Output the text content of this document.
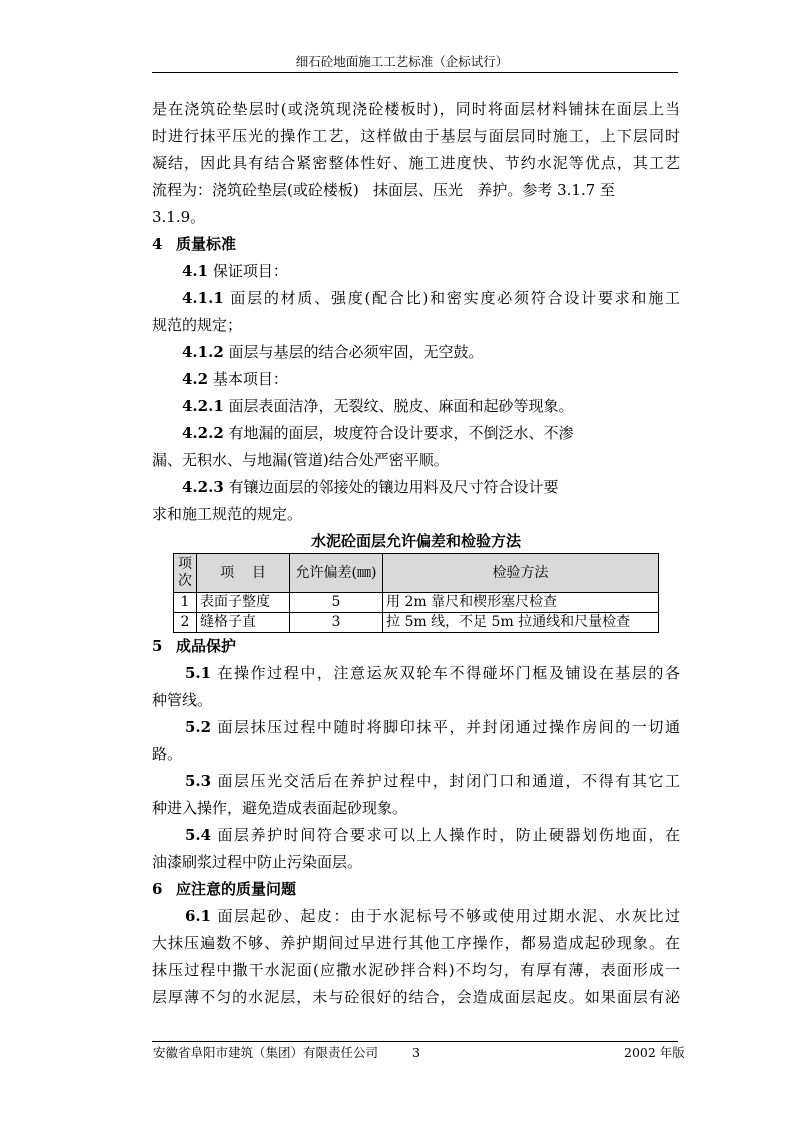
细石砼地面施工工艺标准（企标试行）

是在浇筑砼垫层时(或浇筑现浇砼楼板时)，同时将面层材料铺抹在面层上当

时进行抹平压光的操作工艺，这样做由于基层与面层同时施工，上下层同时

凝结，因此具有结合紧密整体性好、施工进度快、节约水泥等优点，其工艺

流程为：浇筑砼垫层(或砼楼板)   抹面层、压光   养护。参考 3.1.7 至

3.1.9。

4 质量标准

4.1 保证项目：

4.1.1 面层的材质、强度(配合比)和密实度必须符合设计要求和施工

规范的规定；

4.1.2 面层与基层的结合必须牢固，无空鼓。

4.2 基本项目：

4.2.1 面层表面洁净，无裂纹、脱皮、麻面和起砂等现象。

4.2.2 有地漏的面层，坡度符合设计要求，不倒泛水、不渗

漏、无积水、与地漏(管道)结合处严密平顺。

4.2.3 有镶边面层的邻接处的镶边用料及尺寸符合设计要

求和施工规范的规定。

水泥砼面层允许偏差和检验方法

项次	项    目	允许偏差(㎜)	检验方法
1	表面子整度	5	用 2m 靠尺和楔形塞尺检查
2	缝格子直	3	拉 5m 线，不足 5m 拉通线和尺量检查

5 成品保护

5.1 在操作过程中，注意运灰双轮车不得碰坏门框及铺设在基层的各

种管线。

5.2 面层抹压过程中随时将脚印抹平，并封闭通过操作房间的一切通

路。

5.3 面层压光交活后在养护过程中，封闭门口和通道，不得有其它工

种进入操作，避免造成表面起砂现象。

5.4 面层养护时间符合要求可以上人操作时，防止硬器划伤地面，在

油漆刷浆过程中防止污染面层。

6 应注意的质量问题

6.1 面层起砂、起皮：由于水泥标号不够或使用过期水泥、水灰比过

大抹压遍数不够、养护期间过早进行其他工序操作，都易造成起砂现象。在

抹压过程中撒干水泥面(应撒水泥砂拌合料)不均匀，有厚有薄，表面形成一

层厚薄不匀的水泥层，未与砼很好的结合，会造成面层起皮。如果面层有泌

安徽省阜阳市建筑（集团）有限责任公司	3	2002 年版
